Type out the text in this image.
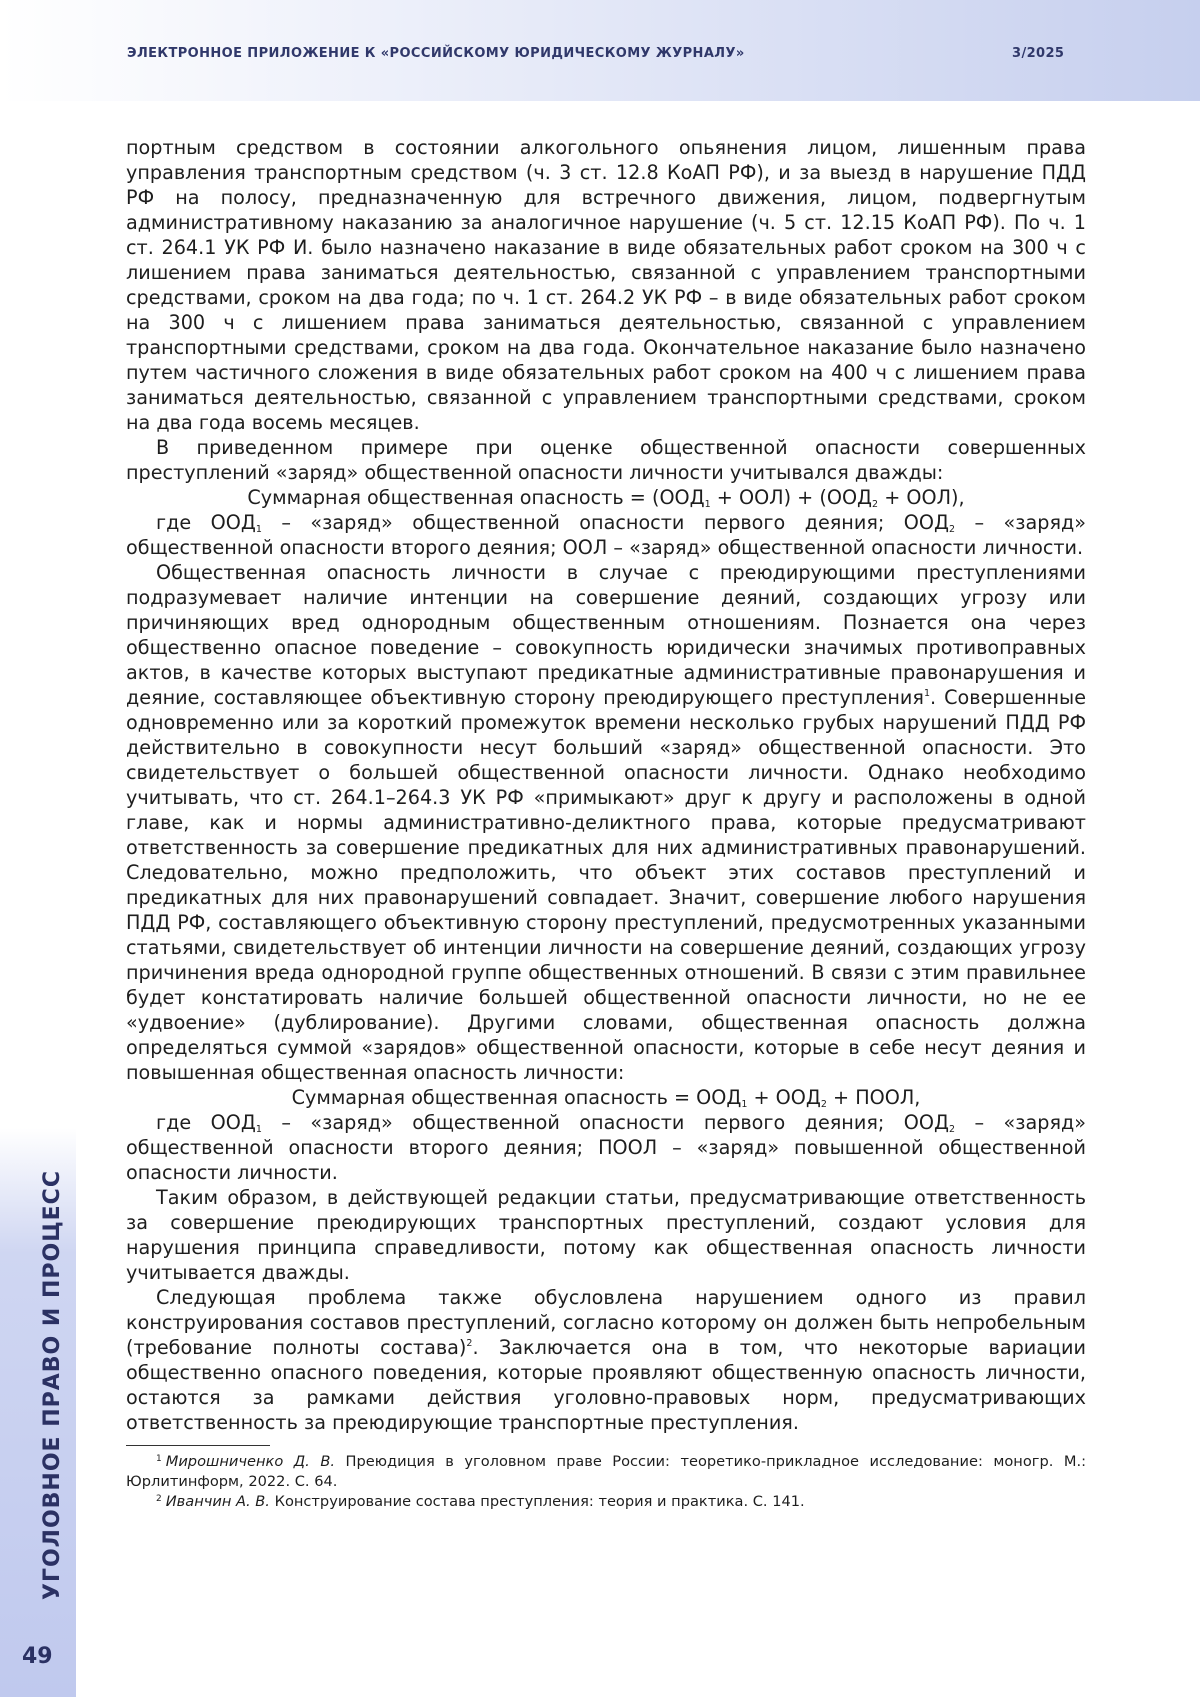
ЭЛЕКТРОННОЕ ПРИЛОЖЕНИЕ К «РОССИЙСКОМУ ЮРИДИЧЕСКОМУ ЖУРНАЛУ»	3/2025
УГОЛОВНОЕ ПРАВО И ПРОЦЕСС
49

портным средством в состоянии алкогольного опьянения лицом, лишенным права управления транспортным средством (ч. 3 ст. 12.8 КоАП РФ), и за выезд в нарушение ПДД РФ на полосу, предназначенную для встречного движения, лицом, подвергнутым административному наказанию за аналогичное нарушение (ч. 5 ст. 12.15 КоАП РФ). По ч. 1 ст. 264.1 УК РФ И. было назначено наказание в виде обязательных работ сроком на 300 ч с лишением права заниматься деятельностью, связанной с управлением транспортными средствами, сроком на два года; по ч. 1 ст. 264.2 УК РФ – в виде обязательных работ сроком на 300 ч с лишением права заниматься деятельностью, связанной с управлением транспортными средствами, сроком на два года. Окончательное наказание было назначено путем частичного сложения в виде обязательных работ сроком на 400 ч с лишением права заниматься деятельностью, связанной с управлением транспортными средствами, сроком на два года восемь месяцев.

В приведенном примере при оценке общественной опасности совершенных преступлений «заряд» общественной опасности личности учитывался дважды:

Суммарная общественная опасность = (ООД1 + ООЛ) + (ООД2 + ООЛ),

где ООД1 – «заряд» общественной опасности первого деяния; ООД2 – «заряд» общественной опасности второго деяния; ООЛ – «заряд» общественной опасности личности.

Общественная опасность личности в случае с преюдирующими преступлениями подразумевает наличие интенции на совершение деяний, создающих угрозу или причиняющих вред однородным общественным отношениям. Познается она через общественно опасное поведение – совокупность юридически значимых противоправных актов, в качестве которых выступают предикатные административные правонарушения и деяние, составляющее объективную сторону преюдирующего преступления1. Совершенные одновременно или за короткий промежуток времени несколько грубых нарушений ПДД РФ действительно в совокупности несут больший «заряд» общественной опасности. Это свидетельствует о большей общественной опасности личности. Однако необходимо учитывать, что ст. 264.1–264.3 УК РФ «примыкают» друг к другу и расположены в одной главе, как и нормы административно-деликтного права, которые предусматривают ответственность за совершение предикатных для них административных правонарушений. Следовательно, можно предположить, что объект этих составов преступлений и предикатных для них правонарушений совпадает. Значит, совершение любого нарушения ПДД РФ, составляющего объективную сторону преступлений, предусмотренных указанными статьями, свидетельствует об интенции личности на совершение деяний, создающих угрозу причинения вреда однородной группе общественных отношений. В связи с этим правильнее будет констатировать наличие большей общественной опасности личности, но не ее «удвоение» (дублирование). Другими словами, общественная опасность должна определяться суммой «зарядов» общественной опасности, которые в себе несут деяния и повышенная общественная опасность личности:

Суммарная общественная опасность = ООД1 + ООД2 + ПООЛ,

где ООД1 – «заряд» общественной опасности первого деяния; ООД2 – «заряд» общественной опасности второго деяния; ПООЛ – «заряд» повышенной общественной опасности личности.

Таким образом, в действующей редакции статьи, предусматривающие ответственность за совершение преюдирующих транспортных преступлений, создают условия для нарушения принципа справедливости, потому как общественная опасность личности учитывается дважды.

Следующая проблема также обусловлена нарушением одного из правил конструирования составов преступлений, согласно которому он должен быть непробельным (требование полноты состава)2. Заключается она в том, что некоторые вариации общественно опасного поведения, которые проявляют общественную опасность личности, остаются за рамками действия уголовно-правовых норм, предусматривающих ответственность за преюдирующие транспортные преступления.

1 Мирошниченко Д. В. Преюдиция в уголовном праве России: теоретико-прикладное исследование: моногр. М.: Юрлитинформ, 2022. С. 64.

2 Иванчин А. В. Конструирование состава преступления: теория и практика. С. 141.
